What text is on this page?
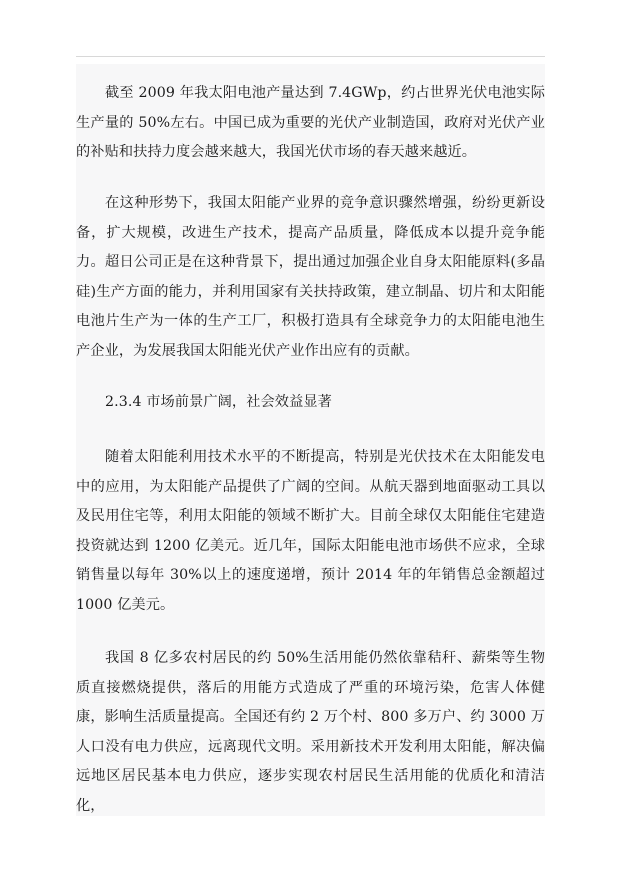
截至 2009 年我太阳电池产量达到 7.4GWp，约占世界光伏电池实际生产量的 50%左右。中国已成为重要的光伏产业制造国，政府对光伏产业的补贴和扶持力度会越来越大，我国光伏市场的春天越来越近。

在这种形势下，我国太阳能产业界的竞争意识骤然增强，纷纷更新设备，扩大规模，改进生产技术，提高产品质量，降低成本以提升竞争能力。超日公司正是在这种背景下，提出通过加强企业自身太阳能原料(多晶硅)生产方面的能力，并利用国家有关扶持政策，建立制晶、切片和太阳能电池片生产为一体的生产工厂，积极打造具有全球竞争力的太阳能电池生产企业，为发展我国太阳能光伏产业作出应有的贡献。

2.3.4 市场前景广阔，社会效益显著

随着太阳能利用技术水平的不断提高，特别是光伏技术在太阳能发电中的应用，为太阳能产品提供了广阔的空间。从航天器到地面驱动工具以及民用住宅等，利用太阳能的领域不断扩大。目前全球仅太阳能住宅建造投资就达到 1200 亿美元。近几年，国际太阳能电池市场供不应求，全球销售量以每年 30%以上的速度递增，预计 2014 年的年销售总金额超过 1000 亿美元。

我国 8 亿多农村居民的约 50%生活用能仍然依靠秸秆、薪柴等生物质直接燃烧提供，落后的用能方式造成了严重的环境污染，危害人体健康，影响生活质量提高。全国还有约 2 万个村、800 多万户、约 3000 万人口没有电力供应，远离现代文明。采用新技术开发利用太阳能，解决偏远地区居民基本电力供应，逐步实现农村居民生活用能的优质化和清洁化，
